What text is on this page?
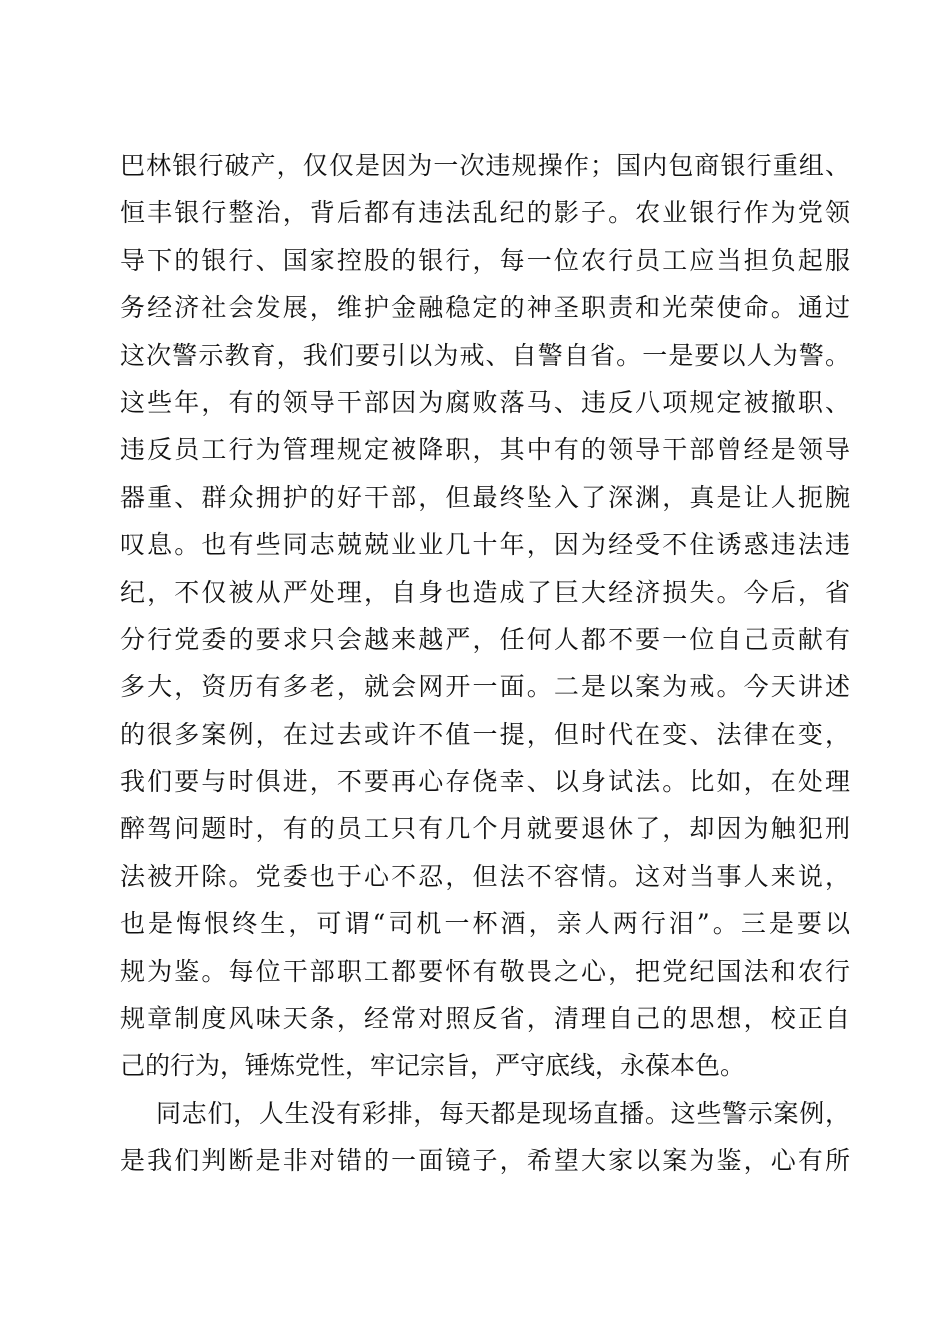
巴林银行破产，仅仅是因为一次违规操作；国内包商银行重组、
恒丰银行整治，背后都有违法乱纪的影子。农业银行作为党领
导下的银行、国家控股的银行，每一位农行员工应当担负起服
务经济社会发展，维护金融稳定的神圣职责和光荣使命。通过
这次警示教育，我们要引以为戒、自警自省。一是要以人为警。
这些年，有的领导干部因为腐败落马、违反八项规定被撤职、
违反员工行为管理规定被降职，其中有的领导干部曾经是领导
器重、群众拥护的好干部，但最终坠入了深渊，真是让人扼腕
叹息。也有些同志兢兢业业几十年，因为经受不住诱惑违法违
纪，不仅被从严处理，自身也造成了巨大经济损失。今后，省
分行党委的要求只会越来越严，任何人都不要一位自己贡献有
多大，资历有多老，就会网开一面。二是以案为戒。今天讲述
的很多案例，在过去或许不值一提，但时代在变、法律在变，
我们要与时俱进，不要再心存侥幸、以身试法。比如，在处理
醉驾问题时，有的员工只有几个月就要退休了，却因为触犯刑
法被开除。党委也于心不忍，但法不容情。这对当事人来说，
也是悔恨终生，可谓“司机一杯酒，亲人两行泪”。三是要以
规为鉴。每位干部职工都要怀有敬畏之心，把党纪国法和农行
规章制度风味天条，经常对照反省，清理自己的思想，校正自
己的行为，锤炼党性，牢记宗旨，严守底线，永葆本色。
同志们，人生没有彩排，每天都是现场直播。这些警示案例，
是我们判断是非对错的一面镜子，希望大家以案为鉴，心有所
